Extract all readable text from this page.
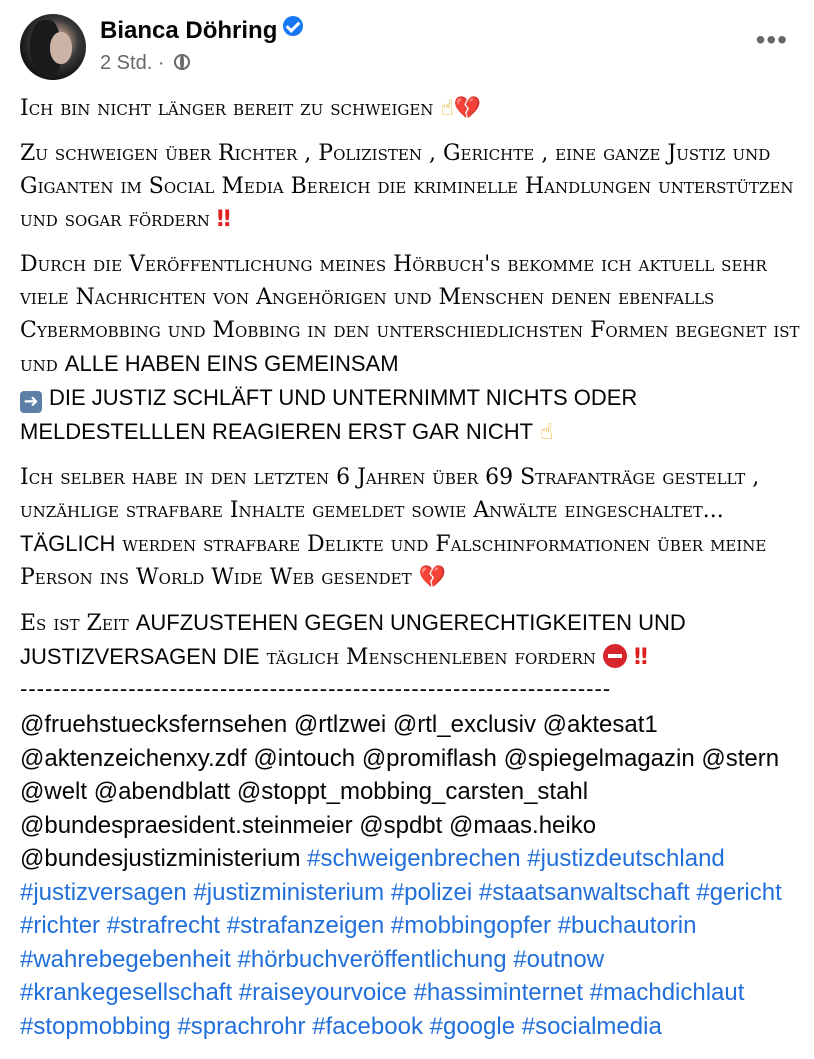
Bianca Döhring
2 Std. ·
•••

Ich bin nicht länger bereit zu schweigen ☝💔

Zu schweigen über Richter , Polizisten , Gerichte , eine ganze Justiz und Giganten im Social Media Bereich die kriminelle Handlungen unterstützen und sogar fördern ‼

Durch die Veröffentlichung meines Hörbuch's bekomme ich aktuell sehr viele Nachrichten von Angehörigen und Menschen denen ebenfalls Cybermobbing und Mobbing in den unterschiedlichsten Formen begegnet ist und ALLE HABEN EINS GEMEINSAM
➜ DIE JUSTIZ SCHLÄFT UND UNTERNIMMT NICHTS ODER MELDESTELLLEN REAGIEREN ERST GAR NICHT ☝

Ich selber habe in den letzten 6 Jahren über 69 Strafanträge gestellt , unzählige strafbare Inhalte gemeldet sowie Anwälte eingeschaltet...
TÄGLICH werden strafbare Delikte und Falschinformationen über meine Person ins World Wide Web gesendet 💔

Es ist Zeit AUFZUSTEHEN GEGEN UNGERECHTIGKEITEN UND JUSTIZVERSAGEN DIE täglich Menschenleben fordern ‼

-----------------------------------------------------------------------
@fruehstuecksfernsehen @rtlzwei @rtl_exclusiv @aktesat1 @aktenzeichenxy.zdf @intouch @promiflash @spiegelmagazin @stern @welt @abendblatt @stoppt_mobbing_carsten_stahl @bundespraesident.steinmeier @spdbt @maas.heiko @bundesjustizministerium #schweigenbrechen #justizdeutschland #justizversagen #justizministerium #polizei #staatsanwaltschaft #gericht #richter #strafrecht #strafanzeigen #mobbingopfer #buchautorin #wahrebegebenheit #hörbuchveröffentlichung #outnow #krankegesellschaft #raiseyourvoice #hassiminternet #machdichlaut #stopmobbing #sprachrohr #facebook #google #socialmedia
